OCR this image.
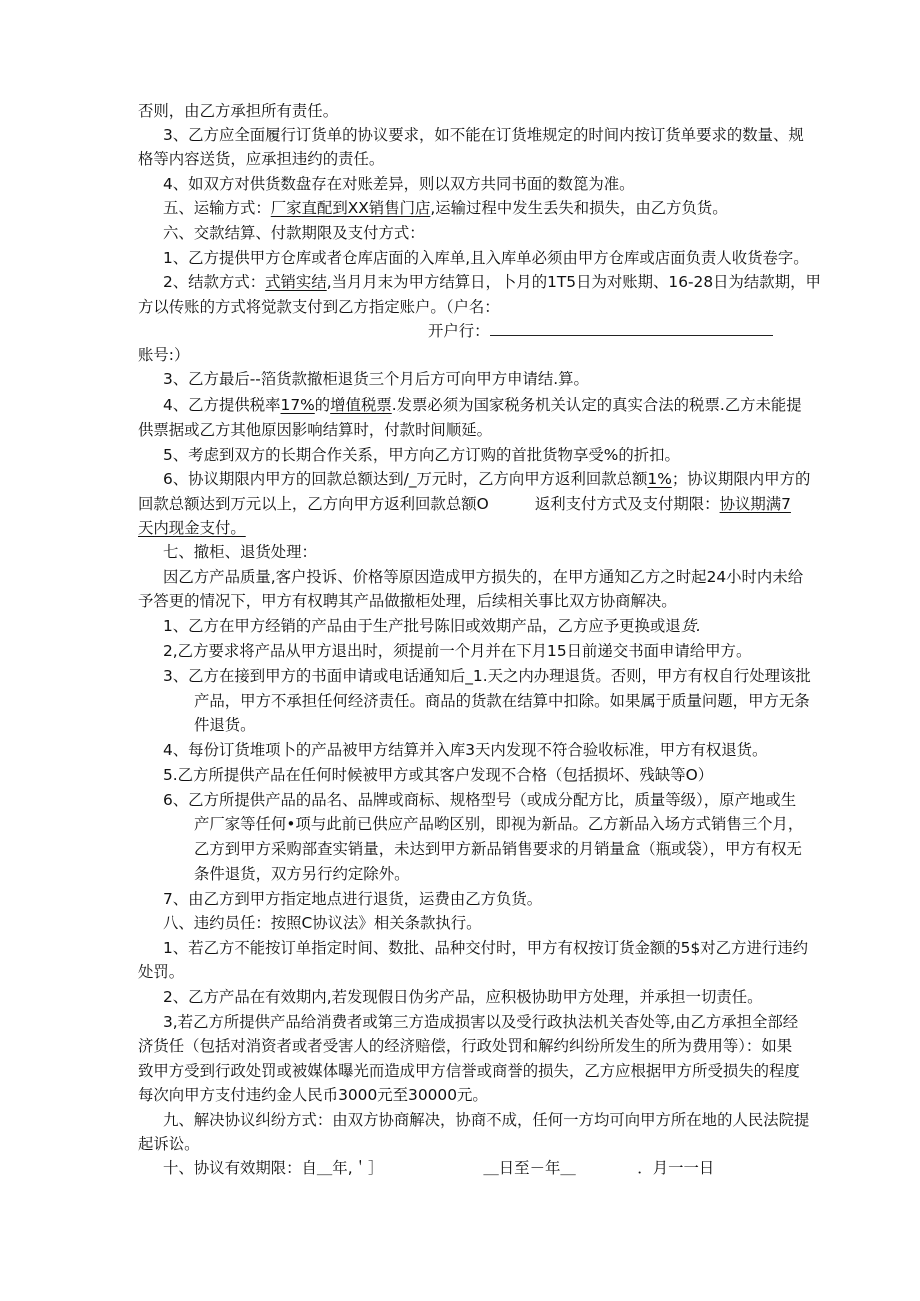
否则，由乙方承担所有责任。
3、乙方应全面履行订货单的协议要求，如不能在订货堆规定的时间内按订货单要求的数量、规
格等内容送货，应承担违约的责任。
4、如双方对供货数盘存在对账差异，则以双方共同书面的数箆为准。
五、运输方式：厂家直配到XX销售门店,运输过程中发生丢失和损失，由乙方负货。
六、交款结算、付款期限及支付方式：
1、乙方提供甲方仓库或者仓库店面的入库单,且入库单必须由甲方仓库或店面负责人收货卷字。
2、结款方式：式销实结,当月月末为甲方结算日，卜月的1T5日为对账期、16-28日为结款期，甲
方以传账的方式将觉款支付到乙方指定账户。（户名：
开户行：
账号:）
3、乙方最后--箔货款撤柜退货三个月后方可向甲方申请结.算。
4、乙方提供税率17%的增值税票.发票必须为国家税务机关认定的真实合法的税票.乙方未能提
供票据或乙方其他原因影响结算时，付款时间顺延。
5、考虑到双方的长期合作关系，甲方向乙方订购的首批货物享受%的折扣。
6、协议期限内甲方的回款总额达到/_万元时，乙方向甲方返利回款总额1%；协议期限内甲方的
回款总额达到万元以上，乙方向甲方返利回款总额O　　　返利支付方式及支付期限：协议期满7
天内现金支付。
七、撤柜、退货处理：
因乙方产品质量,客户投诉、价格等原因造成甲方损失的，在甲方通知乙方之时起24小时内未给
予答更的情况下，甲方有权聘其产品做撤柜处理，后续相关事比双方协商解决。
1、乙方在甲方经销的产品由于生产批号陈旧或效期产品，乙方应予更换或退货.
2,乙方要求将产品从甲方退出时，须提前一个月并在下月15日前递交书面申请给甲方。
3、乙方在接到甲方的书面申请或电话通知后_1.天之内办理退货。否则，甲方有权自行处理该批
产品，甲方不承担任何经济责任。商品的货款在结算中扣除。如果属于质量问题，甲方无条
件退货。
4、每份订货堆项卜的产品被甲方结算并入库3天内发现不符合验收标准，甲方有权退货。
5.乙方所提供产品在任何时候被甲方或其客户发现不合格（包括损坏、残缺等O）
6、乙方所提供产品的品名、品牌或商标、规格型号（或成分配方比，质量等级），原产地或生
产厂家等任何•项与此前已供应产品哟区别，即视为新品。乙方新品入场方式销售三个月，
乙方到甲方采购部查实销量，未达到甲方新品销售要求的月销量盒（瓶或袋），甲方有权无
条件退货，双方另行约定除外。
7、由乙方到甲方指定地点进行退货，运费由乙方负货。
八、违约员任：按照C协议法》相关条款执行。
1、若乙方不能按订单指定时间、数批、品种交付时，甲方有权按订货金额的5$对乙方进行违约
处罚。
2、乙方产品在有效期内,若发现假日伪劣产品，应积极协助甲方处理，并承担一切责任。
3,若乙方所提供产品给消费者或第三方造成损害以及受行政执法机关杳处等,由乙方承担全部经
济货任（包括对消资者或者受害人的经济赔偿，行政处罚和解约纠纷所发生的所为费用等）：如果
致甲方受到行政处罚或被媒体曝光而造成甲方信誉或商誉的损失，乙方应根据甲方所受损失的程度
每次向甲方支付违约金人民币3000元至30000元。
九、解决协议纠纷方式：由双方协商解决，协商不成，任何一方均可向甲方所在地的人民法院提
起诉讼。
十、协议有效期限：自＿年,＇］　　　　　　　＿日至－年＿　　　　．月一一日
